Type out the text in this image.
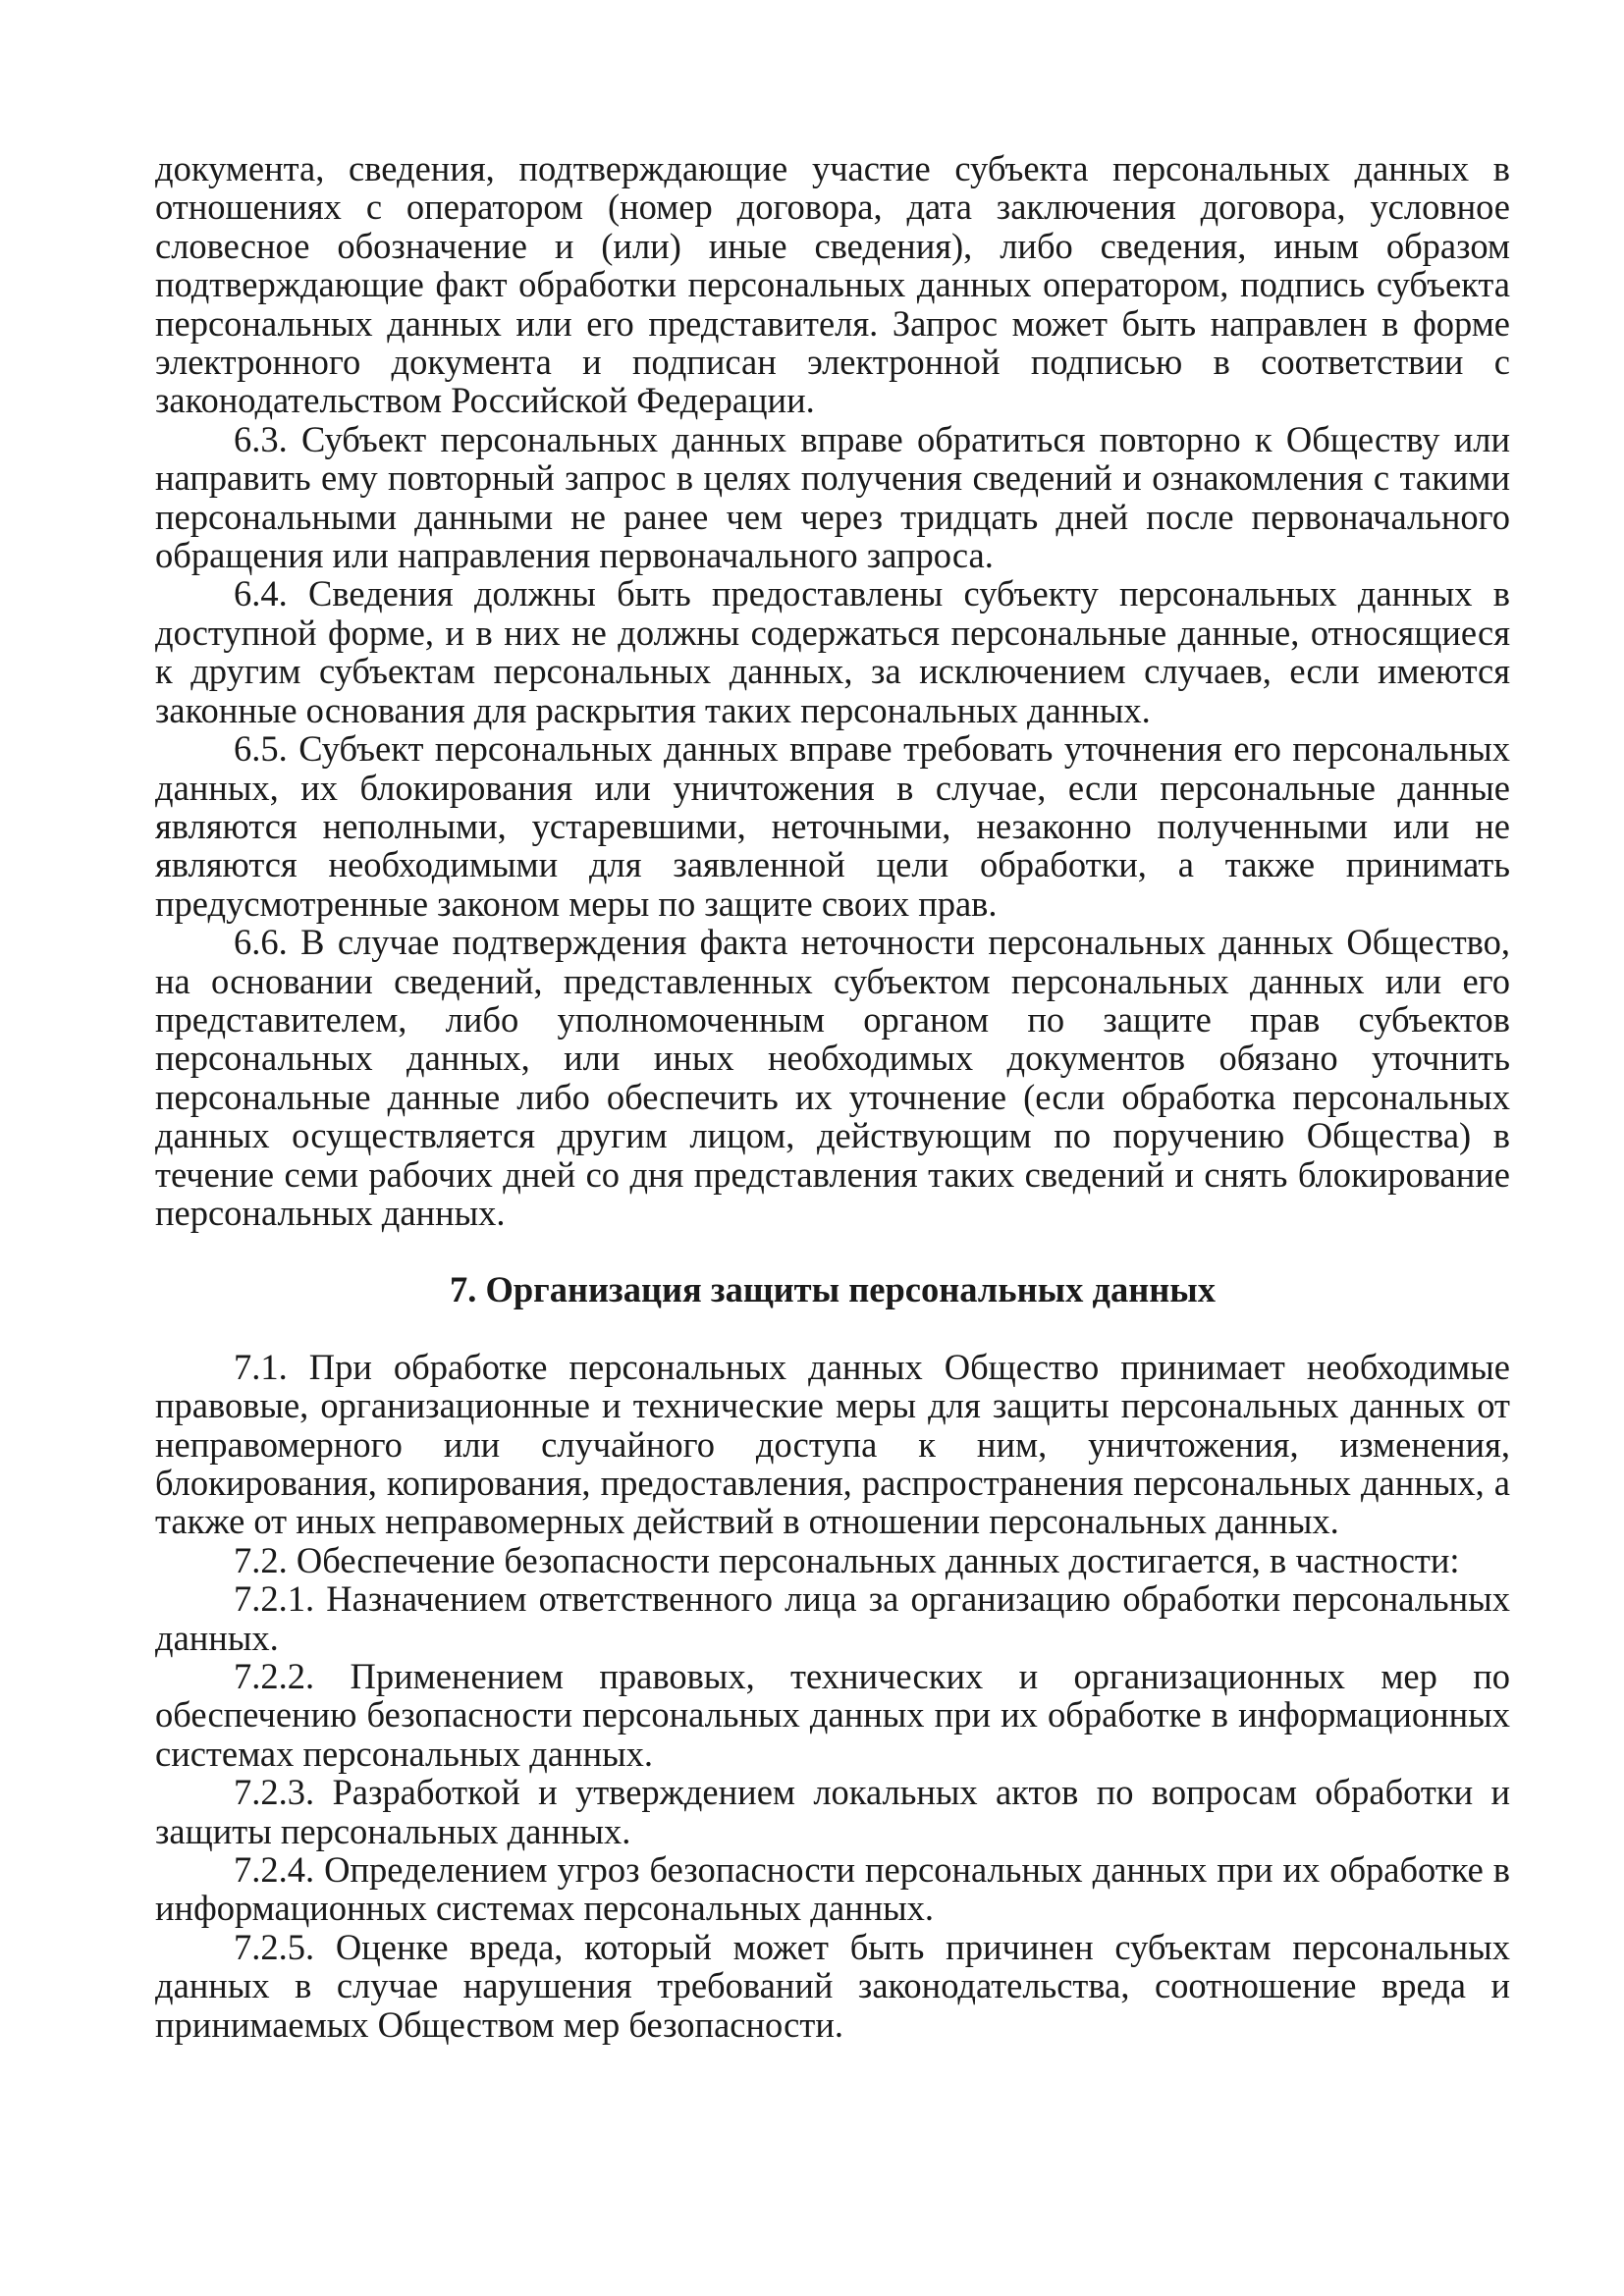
документа, сведения, подтверждающие участие субъекта персональных данных в отношениях с оператором (номер договора, дата заключения договора, условное словесное обозначение и (или) иные сведения), либо сведения, иным образом подтверждающие факт обработки персональных данных оператором, подпись субъекта персональных данных или его представителя. Запрос может быть направлен в форме электронного документа и подписан электронной подписью в соответствии с законодательством Российской Федерации.

6.3. Субъект персональных данных вправе обратиться повторно к Обществу или направить ему повторный запрос в целях получения сведений и ознакомления с такими персональными данными не ранее чем через тридцать дней после первоначального обращения или направления первоначального запроса.

6.4. Сведения должны быть предоставлены субъекту персональных данных в доступной форме, и в них не должны содержаться персональные данные, относящиеся к другим субъектам персональных данных, за исключением случаев, если имеются законные основания для раскрытия таких персональных данных.

6.5. Субъект персональных данных вправе требовать уточнения его персональных данных, их блокирования или уничтожения в случае, если персональные данные являются неполными, устаревшими, неточными, незаконно полученными или не являются необходимыми для заявленной цели обработки, а также принимать предусмотренные законом меры по защите своих прав.

6.6. В случае подтверждения факта неточности персональных данных Общество, на основании сведений, представленных субъектом персональных данных или его представителем, либо уполномоченным органом по защите прав субъектов персональных данных, или иных необходимых документов обязано уточнить персональные данные либо обеспечить их уточнение (если обработка персональных данных осуществляется другим лицом, действующим по поручению Общества) в течение семи рабочих дней со дня представления таких сведений и снять блокирование персональных данных.

7. Организация защиты персональных данных

7.1. При обработке персональных данных Общество принимает необходимые правовые, организационные и технические меры для защиты персональных данных от неправомерного или случайного доступа к ним, уничтожения, изменения, блокирования, копирования, предоставления, распространения персональных данных, а также от иных неправомерных действий в отношении персональных данных.

7.2. Обеспечение безопасности персональных данных достигается, в частности:

7.2.1. Назначением ответственного лица за организацию обработки персональных данных.

7.2.2. Применением правовых, технических и организационных мер по обеспечению безопасности персональных данных при их обработке в информационных системах персональных данных.

7.2.3. Разработкой и утверждением локальных актов по вопросам обработки и защиты персональных данных.

7.2.4. Определением угроз безопасности персональных данных при их обработке в информационных системах персональных данных.

7.2.5. Оценке вреда, который может быть причинен субъектам персональных данных в случае нарушения требований законодательства, соотношение вреда и принимаемых Обществом мер безопасности.
